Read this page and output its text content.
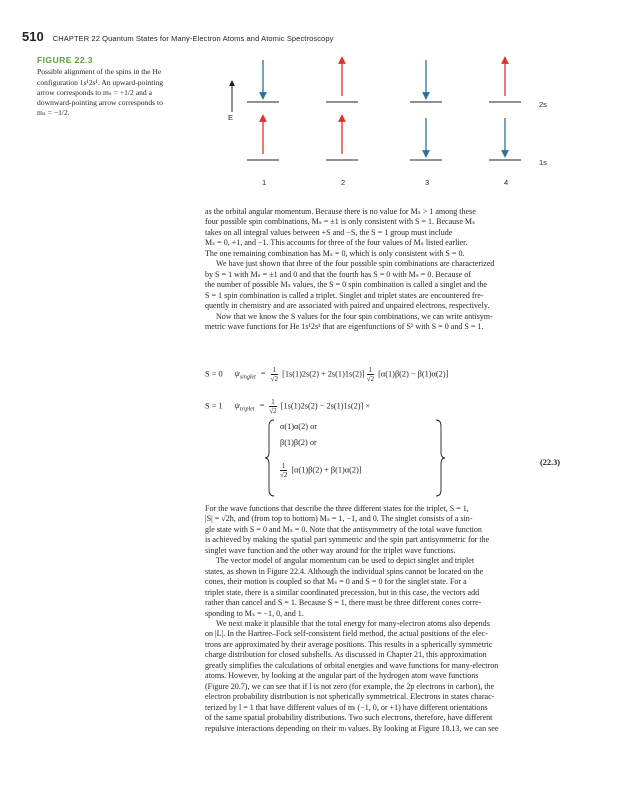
510 CHAPTER 22 Quantum States for Many-Electron Atoms and Atomic Spectroscopy
FIGURE 22.3
Possible alignment of the spins in the He
configuration 1s¹2s¹. An upward-pointing
arrow corresponds to mₛ = +1/2 and a
downward-pointing arrow corresponds to
mₛ = −1/2.
E
2s
1s
1	2	3	4

as the orbital angular momentum. Because there is no value for Mₛ > 1 among these

four possible spin combinations, Mₛ = ±1 is only consistent with S = 1. Because Mₛ

takes on all integral values between +S and −S, the S = 1 group must include

Mₛ = 0, +1, and −1. This accounts for three of the four values of Mₛ listed earlier.

The one remaining combination has Mₛ = 0, which is only consistent with S = 0.

We have just shown that three of the four possible spin combinations are characterized

by S = 1 with Mₛ = ±1 and 0 and that the fourth has S = 0 with Mₛ = 0. Because of

the number of possible Mₛ values, the S = 0 spin combination is called a singlet and the

S = 1 spin combination is called a triplet. Singlet and triplet states are encountered fre-

quently in chemistry and are associated with paired and unpaired electrons, respectively.

Now that we know the S values for the four spin combinations, we can write antisym-

metric wave functions for He 1s¹2s¹ that are eigenfunctions of S² with S = 0 and S = 1.

S = 0 $\psi_{singlet} = \frac{1}{√2} [1s(1)2s(2) + 2s(1)1s(2)] \frac{1}{√2} [\alpha(1)\beta(2) - \beta(1)\alpha(2)]$
S = 1 $\psi_{triplet} = \frac{1}{√2} [1s(1)2s(2) - 2s(1)1s(2)]$ ×
α(1)α(2) or
β(1)β(2) or
$\frac{1}{√2} [\alpha(1)\beta(2) + \beta(1)\alpha(2)]$
(22.3)

For the wave functions that describe the three different states for the triplet, S = 1,

|S| = √2ħ, and (from top to bottom) Mₛ = 1, −1, and 0. The singlet consists of a sin-

gle state with S = 0 and Mₛ = 0. Note that the antisymmetry of the total wave function

is achieved by making the spatial part symmetric and the spin part antisymmetric for the

singlet wave function and the other way around for the triplet wave functions.

The vector model of angular momentum can be used to depict singlet and triplet

states, as shown in Figure 22.4. Although the individual spins cannot be located on the

cones, their motion is coupled so that Mₛ = 0 and S = 0 for the singlet state. For a

triplet state, there is a similar coordinated precession, but in this case, the vectors add

rather than cancel and S = 1. Because S = 1, there must be three different cones corre-

sponding to Mₛ = −1, 0, and 1.

We next make it plausible that the total energy for many-electron atoms also depends

on |L|. In the Hartree–Fock self-consistent field method, the actual positions of the elec-

trons are approximated by their average positions. This results in a spherically symmetric

charge distribution for closed subshells. As discussed in Chapter 21, this approximation

greatly simplifies the calculations of orbital energies and wave functions for many-electron

atoms. However, by looking at the angular part of the hydrogen atom wave functions

(Figure 20.7), we can see that if l is not zero (for example, the 2p electrons in carbon), the

electron probability distribution is not spherically symmetrical. Electrons in states charac-

terized by l = 1 that have different values of mₗ (−1, 0, or +1) have different orientations

of the same spatial probability distributions. Two such electrons, therefore, have different

repulsive interactions depending on their mₗ values. By looking at Figure 18.13, we can see
